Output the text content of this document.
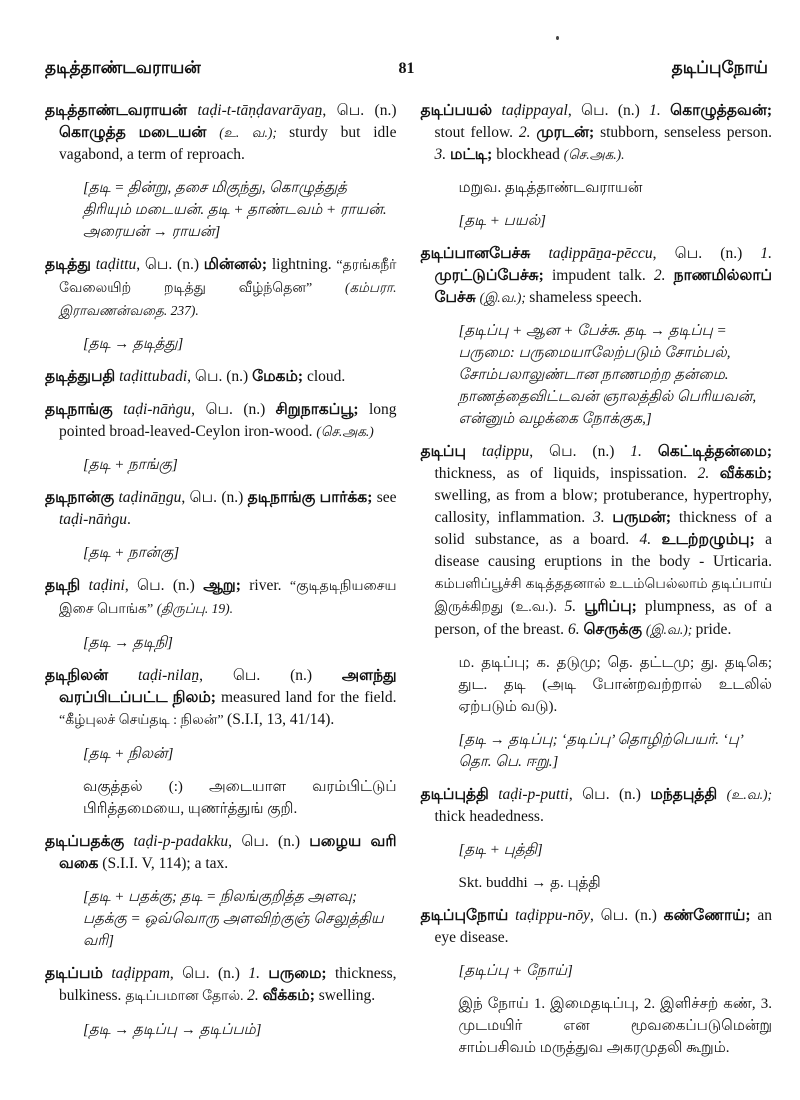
தடித்தாண்டவராயன்	81	தடிப்புநோய்

தடித்தாண்டவராயன் taḍi-t-tāṇḍavarāyaṉ, பெ. (n.) கொழுத்த மடையன் (உ. வ.); sturdy but idle vagabond, a term of reproach.

[தடி = தின்று, தசை மிகுந்து, கொழுத்துத் திரியும் மடையன். தடி + தாண்டவம் + ராயன். அரையன் → ராயன்]

தடித்து taḍittu, பெ. (n.) மின்னல்; lightning. “தரங்கநீர் வேலையிற் றடித்து வீழ்ந்தென” (கம்பரா. இராவணன்வதை. 237).

[தடி → தடித்து]

தடித்துபதி taḍittubadi, பெ. (n.) மேகம்; cloud.

தடிநாங்கு taḍi-nāṅgu, பெ. (n.) சிறுநாகப்பூ; long pointed broad-leaved-Ceylon iron-wood. (செ.அக.)

[தடி + நாங்கு]

தடிநான்கு taḍināṉgu, பெ. (n.) தடிநாங்கு பார்க்க; see taḍi-nāṅgu.

[தடி + நான்கு]

தடிநி taḍini, பெ. (n.) ஆறு; river. “குடிதடிநியசைய இசை பொங்க” (திருப்பு. 19).

[தடி → தடிநி]

தடிநிலன் taḍi-nilaṉ, பெ. (n.) அளந்து வரப்பிடப்பட்ட நிலம்; measured land for the field. “கீழ்புலச் செய்தடி : நிலன்” (S.I.I, 13, 41/14).

[தடி + நிலன்]

வகுத்தல் (:) அடையாள வரம்பிட்டுப் பிரித்தமையை, யுணர்த்துங் குறி.

தடிப்பதக்கு taḍi-p-padakku, பெ. (n.) பழைய வரி வகை (S.I.I. V, 114); a tax.

[தடி + பதக்கு; தடி = நிலங்குறித்த அளவு; பதக்கு = ஒவ்வொரு அளவிற்குஞ் செலுத்திய வரி]

தடிப்பம் taḍippam, பெ. (n.) 1. பருமை; thickness, bulkiness. தடிப்பமான தோல். 2. வீக்கம்; swelling.

[தடி → தடிப்பு → தடிப்பம்]

தடிப்பயல் taḍippayal, பெ. (n.) 1. கொழுத்தவன்; stout fellow. 2. முரடன்; stubborn, senseless person. 3. மட்டி; blockhead (செ.அக.).

மறுவ. தடித்தாண்டவராயன்

[தடி + பயல்]

தடிப்பானபேச்சு taḍippāṉa-pēccu, பெ. (n.) 1. முரட்டுப்பேச்சு; impudent talk. 2. நாணமில்லாப் பேச்சு (இ.வ.); shameless speech.

[தடிப்பு + ஆன + பேச்சு. தடி → தடிப்பு = பருமை: பருமையாலேற்படும் சோம்பல், சோம்பலாலுண்டான நாணமற்ற தன்மை. நாணத்தைவிட்டவன் ஞாலத்தில் பெரியவன், என்னும் வழக்கை நோக்குக,]

தடிப்பு taḍippu, பெ. (n.) 1. கெட்டித்தன்மை; thickness, as of liquids, inspissation. 2. வீக்கம்; swelling, as from a blow; protuberance, hypertrophy, callosity, inflammation. 3. பருமன்; thickness of a solid substance, as a board. 4. உடற்றழும்பு; a disease causing eruptions in the body - Urticaria. கம்பளிப்பூச்சி கடித்ததனால் உடம்பெல்லாம் தடிப்பாய் இருக்கிறது (உ.வ.). 5. பூரிப்பு; plumpness, as of a person, of the breast. 6. செருக்கு (இ.வ.); pride.

ம. தடிப்பு; க. தடுமு; தெ. தட்டமு; து. தடிகெ; துட. தடி (அடி போன்றவற்றால் உடலில் ஏற்படும் வடு).

[தடி → தடிப்பு; ‘தடிப்பு’ தொழிற்பெயர். ‘பு’ தொ. பெ. ஈறு.]

தடிப்புத்தி taḍi-p-putti, பெ. (n.) மந்தபுத்தி (உ.வ.); thick headedness.

[தடி + புத்தி]

Skt. buddhi → த. புத்தி

தடிப்புநோய் taḍippu-nōy, பெ. (n.) கண்ணோய்; an eye disease.

[தடிப்பு + நோய்]

இந் நோய் 1. இமைதடிப்பு, 2. இளிச்சற் கண், 3. முடமயிர் என மூவகைப்படுமென்று சாம்பசிவம் மருத்துவ அகரமுதலி கூறும்.
